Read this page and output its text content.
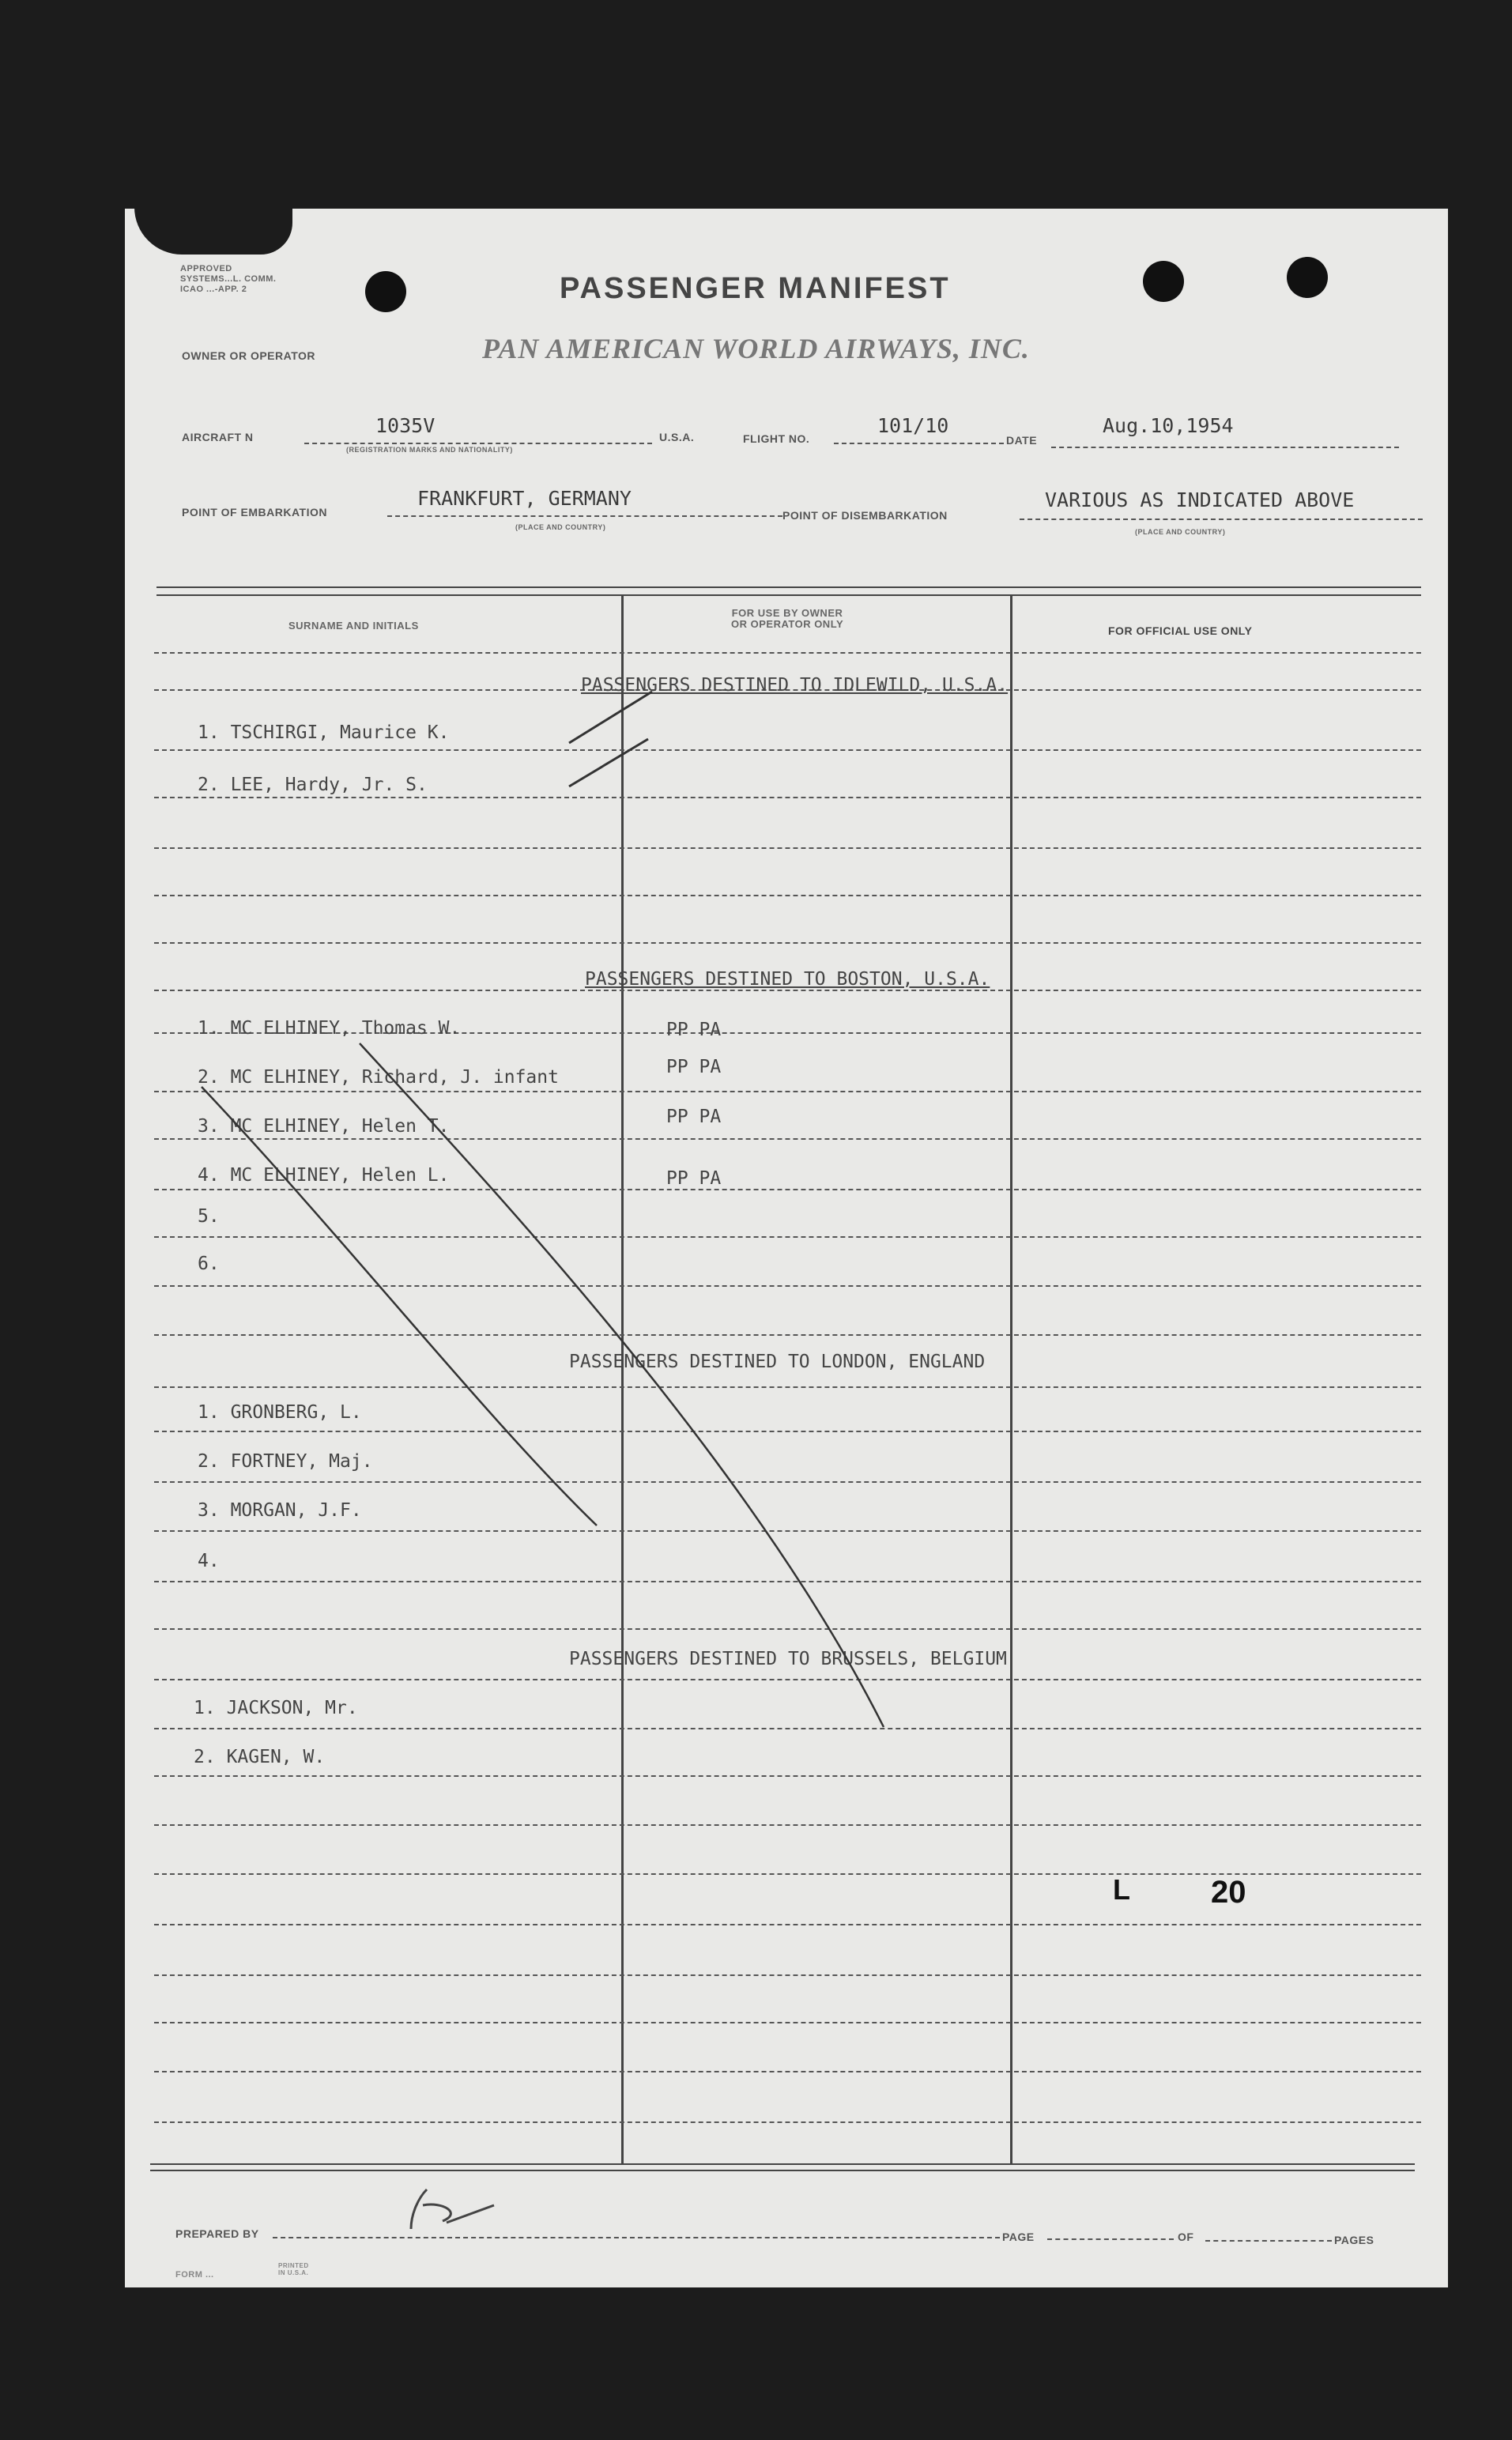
APPROVED
SYSTEMS...L. COMM.
ICAO ...-APP. 2	PASSENGER MANIFEST
OWNER OR OPERATOR	PAN AMERICAN WORLD AIRWAYS, INC.
AIRCRAFT N	1035V
(REGISTRATION MARKS AND NATIONALITY)
U.S.A.	FLIGHT NO.
101/10
DATE
Aug.10,1954
POINT OF EMBARKATION
FRANKFURT, GERMANY
(PLACE AND COUNTRY)
POINT OF DISEMBARKATION
VARIOUS AS INDICATED ABOVE
(PLACE AND COUNTRY)
SURNAME AND INITIALS
FOR USE BY OWNER
OR OPERATOR ONLY
FOR OFFICIAL USE ONLY
PASSENGERS DESTINED TO IDLEWILD, U.S.A.
PASSENGERS DESTINED TO BOSTON, U.S.A.
PASSENGERS DESTINED TO LONDON, ENGLAND
PASSENGERS DESTINED TO BRUSSELS, BELGIUM
1. TSCHIRGI, Maurice K.
2. LEE, Hardy, Jr. S.
1. MC ELHINEY, Thomas W.	PP PA
2. MC ELHINEY, Richard, J. infant	PP PA
3. MC ELHINEY, Helen T.	PP PA
4. MC ELHINEY, Helen L.	PP PA
5.
6.
1. GRONBERG, L.
2. FORTNEY, Maj.
3. MORGAN, J.F.
4.
1. JACKSON, Mr.
2. KAGEN, W.
L	20
PREPARED BY	PAGE	OF	PAGES
FORM ...
PRINTED IN U.S.A.
